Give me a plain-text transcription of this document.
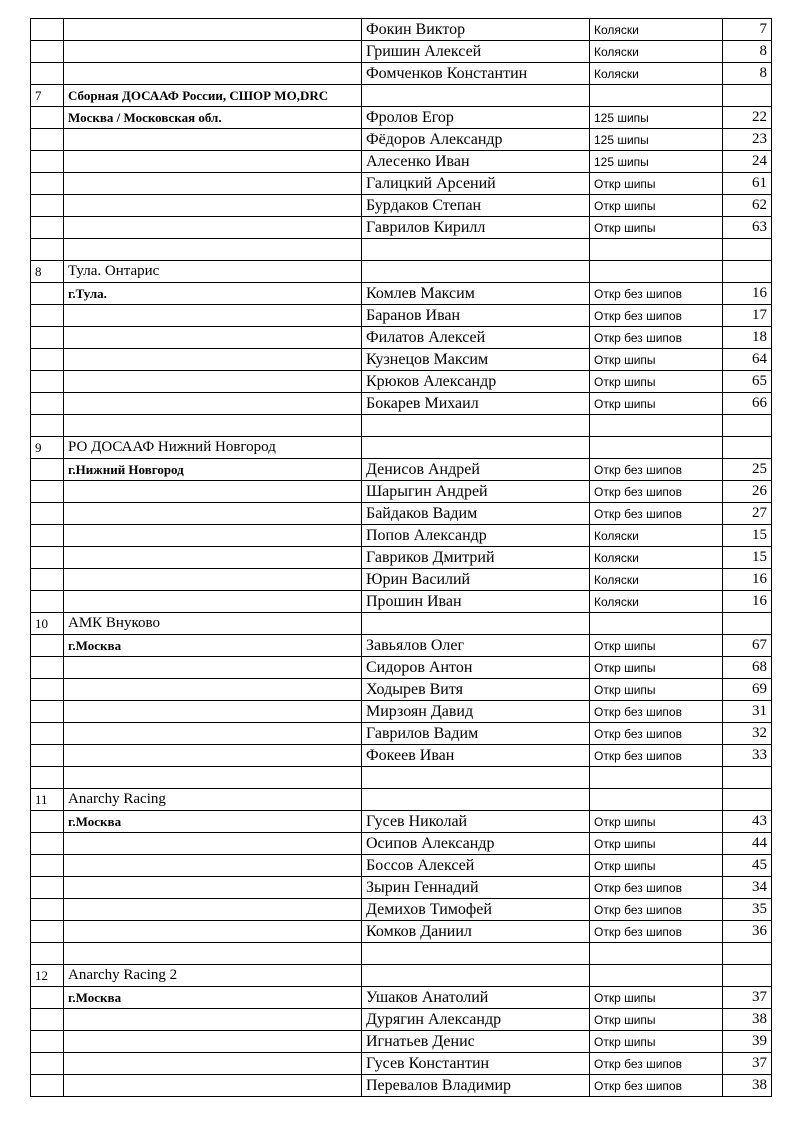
		Фокин Виктор	Коляски	7
		Гришин Алексей	Коляски	8
		Фомченков Константин	Коляски	8
7	Сборная ДОСААФ России, СШОР МО,DRC			
	Москва / Московская обл.	Фролов Егор	125 шипы	22
		Фёдоров Александр	125 шипы	23
		Алесенко Иван	125 шипы	24
		Галицкий Арсений	Откр шипы	61
		Бурдаков Степан	Откр шипы	62
		Гаврилов Кирилл	Откр шипы	63

8	Тула. Онтарис			
	г.Тула.	Комлев Максим	Откр без шипов	16
		Баранов Иван	Откр без шипов	17
		Филатов Алексей	Откр без шипов	18
		Кузнецов Максим	Откр шипы	64
		Крюков Александр	Откр шипы	65
		Бокарев Михаил	Откр шипы	66

9	РО ДОСААФ Нижний Новгород			
	г.Нижний Новгород	Денисов Андрей	Откр без шипов	25
		Шарыгин Андрей	Откр без шипов	26
		Байдаков Вадим	Откр без шипов	27
		Попов Александр	Коляски	15
		Гавриков Дмитрий	Коляски	15
		Юрин Василий	Коляски	16
		Прошин Иван	Коляски	16
10	АМК Внуково			
	г.Москва	Завьялов Олег	Откр шипы	67
		Сидоров Антон	Откр шипы	68
		Ходырев Витя	Откр шипы	69
		Мирзоян Давид	Откр без шипов	31
		Гаврилов Вадим	Откр без шипов	32
		Фокеев Иван	Откр без шипов	33

11	Anarchy Racing			
	г.Москва	Гусев Николай	Откр шипы	43
		Осипов Александр	Откр шипы	44
		Боссов Алексей	Откр шипы	45
		Зырин Геннадий	Откр без шипов	34
		Демихов Тимофей	Откр без шипов	35
		Комков Даниил	Откр без шипов	36

12	Anarchy Racing 2			
	г.Москва	Ушаков Анатолий	Откр шипы	37
		Дурягин Александр	Откр шипы	38
		Игнатьев Денис	Откр шипы	39
		Гусев Константин	Откр без шипов	37
		Перевалов Владимир	Откр без шипов	38
